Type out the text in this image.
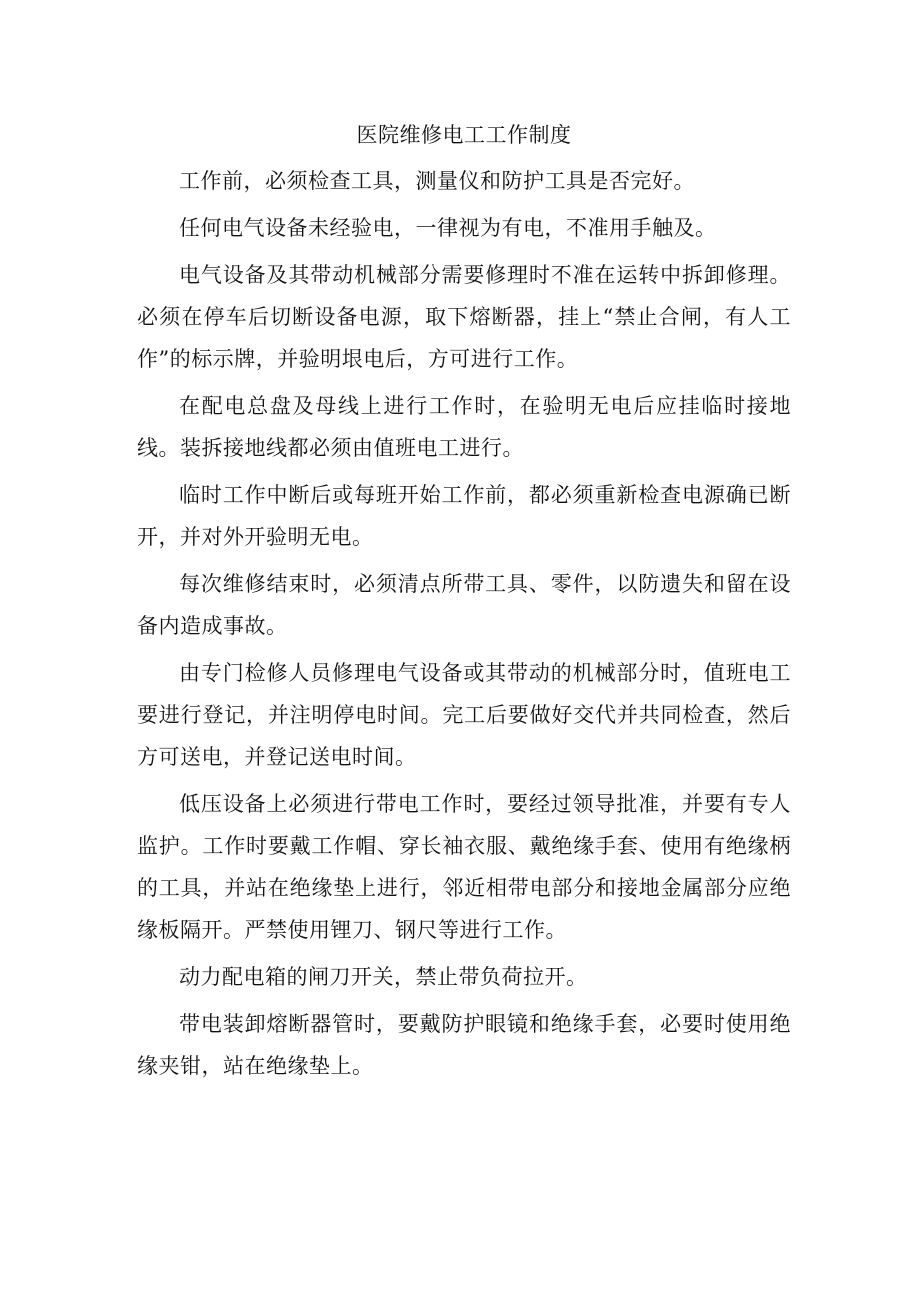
医院维修电工工作制度

工作前，必须检查工具，测量仪和防护工具是否完好。

任何电气设备未经验电，一律视为有电，不准用手触及。

电气设备及其带动机械部分需要修理时不准在运转中拆卸修理。必须在停车后切断设备电源，取下熔断器，挂上“禁止合闸，有人工作”的标示牌，并验明垠电后，方可进行工作。

在配电总盘及母线上进行工作时，在验明无电后应挂临时接地线。装拆接地线都必须由值班电工进行。

临时工作中断后或每班开始工作前，都必须重新检查电源确已断开，并对外开验明无电。

每次维修结束时，必须清点所带工具、零件，以防遗失和留在设备内造成事故。

由专门检修人员修理电气设备或其带动的机械部分时，值班电工要进行登记，并注明停电时间。完工后要做好交代并共同检查，然后方可送电，并登记送电时间。

低压设备上必须进行带电工作时，要经过领导批准，并要有专人监护。工作时要戴工作帽、穿长袖衣服、戴绝缘手套、使用有绝缘柄的工具，并站在绝缘垫上进行，邻近相带电部分和接地金属部分应绝缘板隔开。严禁使用锂刀、钢尺等进行工作。

动力配电箱的闸刀开关，禁止带负荷拉开。

带电装卸熔断器管时，要戴防护眼镜和绝缘手套，必要时使用绝缘夹钳，站在绝缘垫上。
